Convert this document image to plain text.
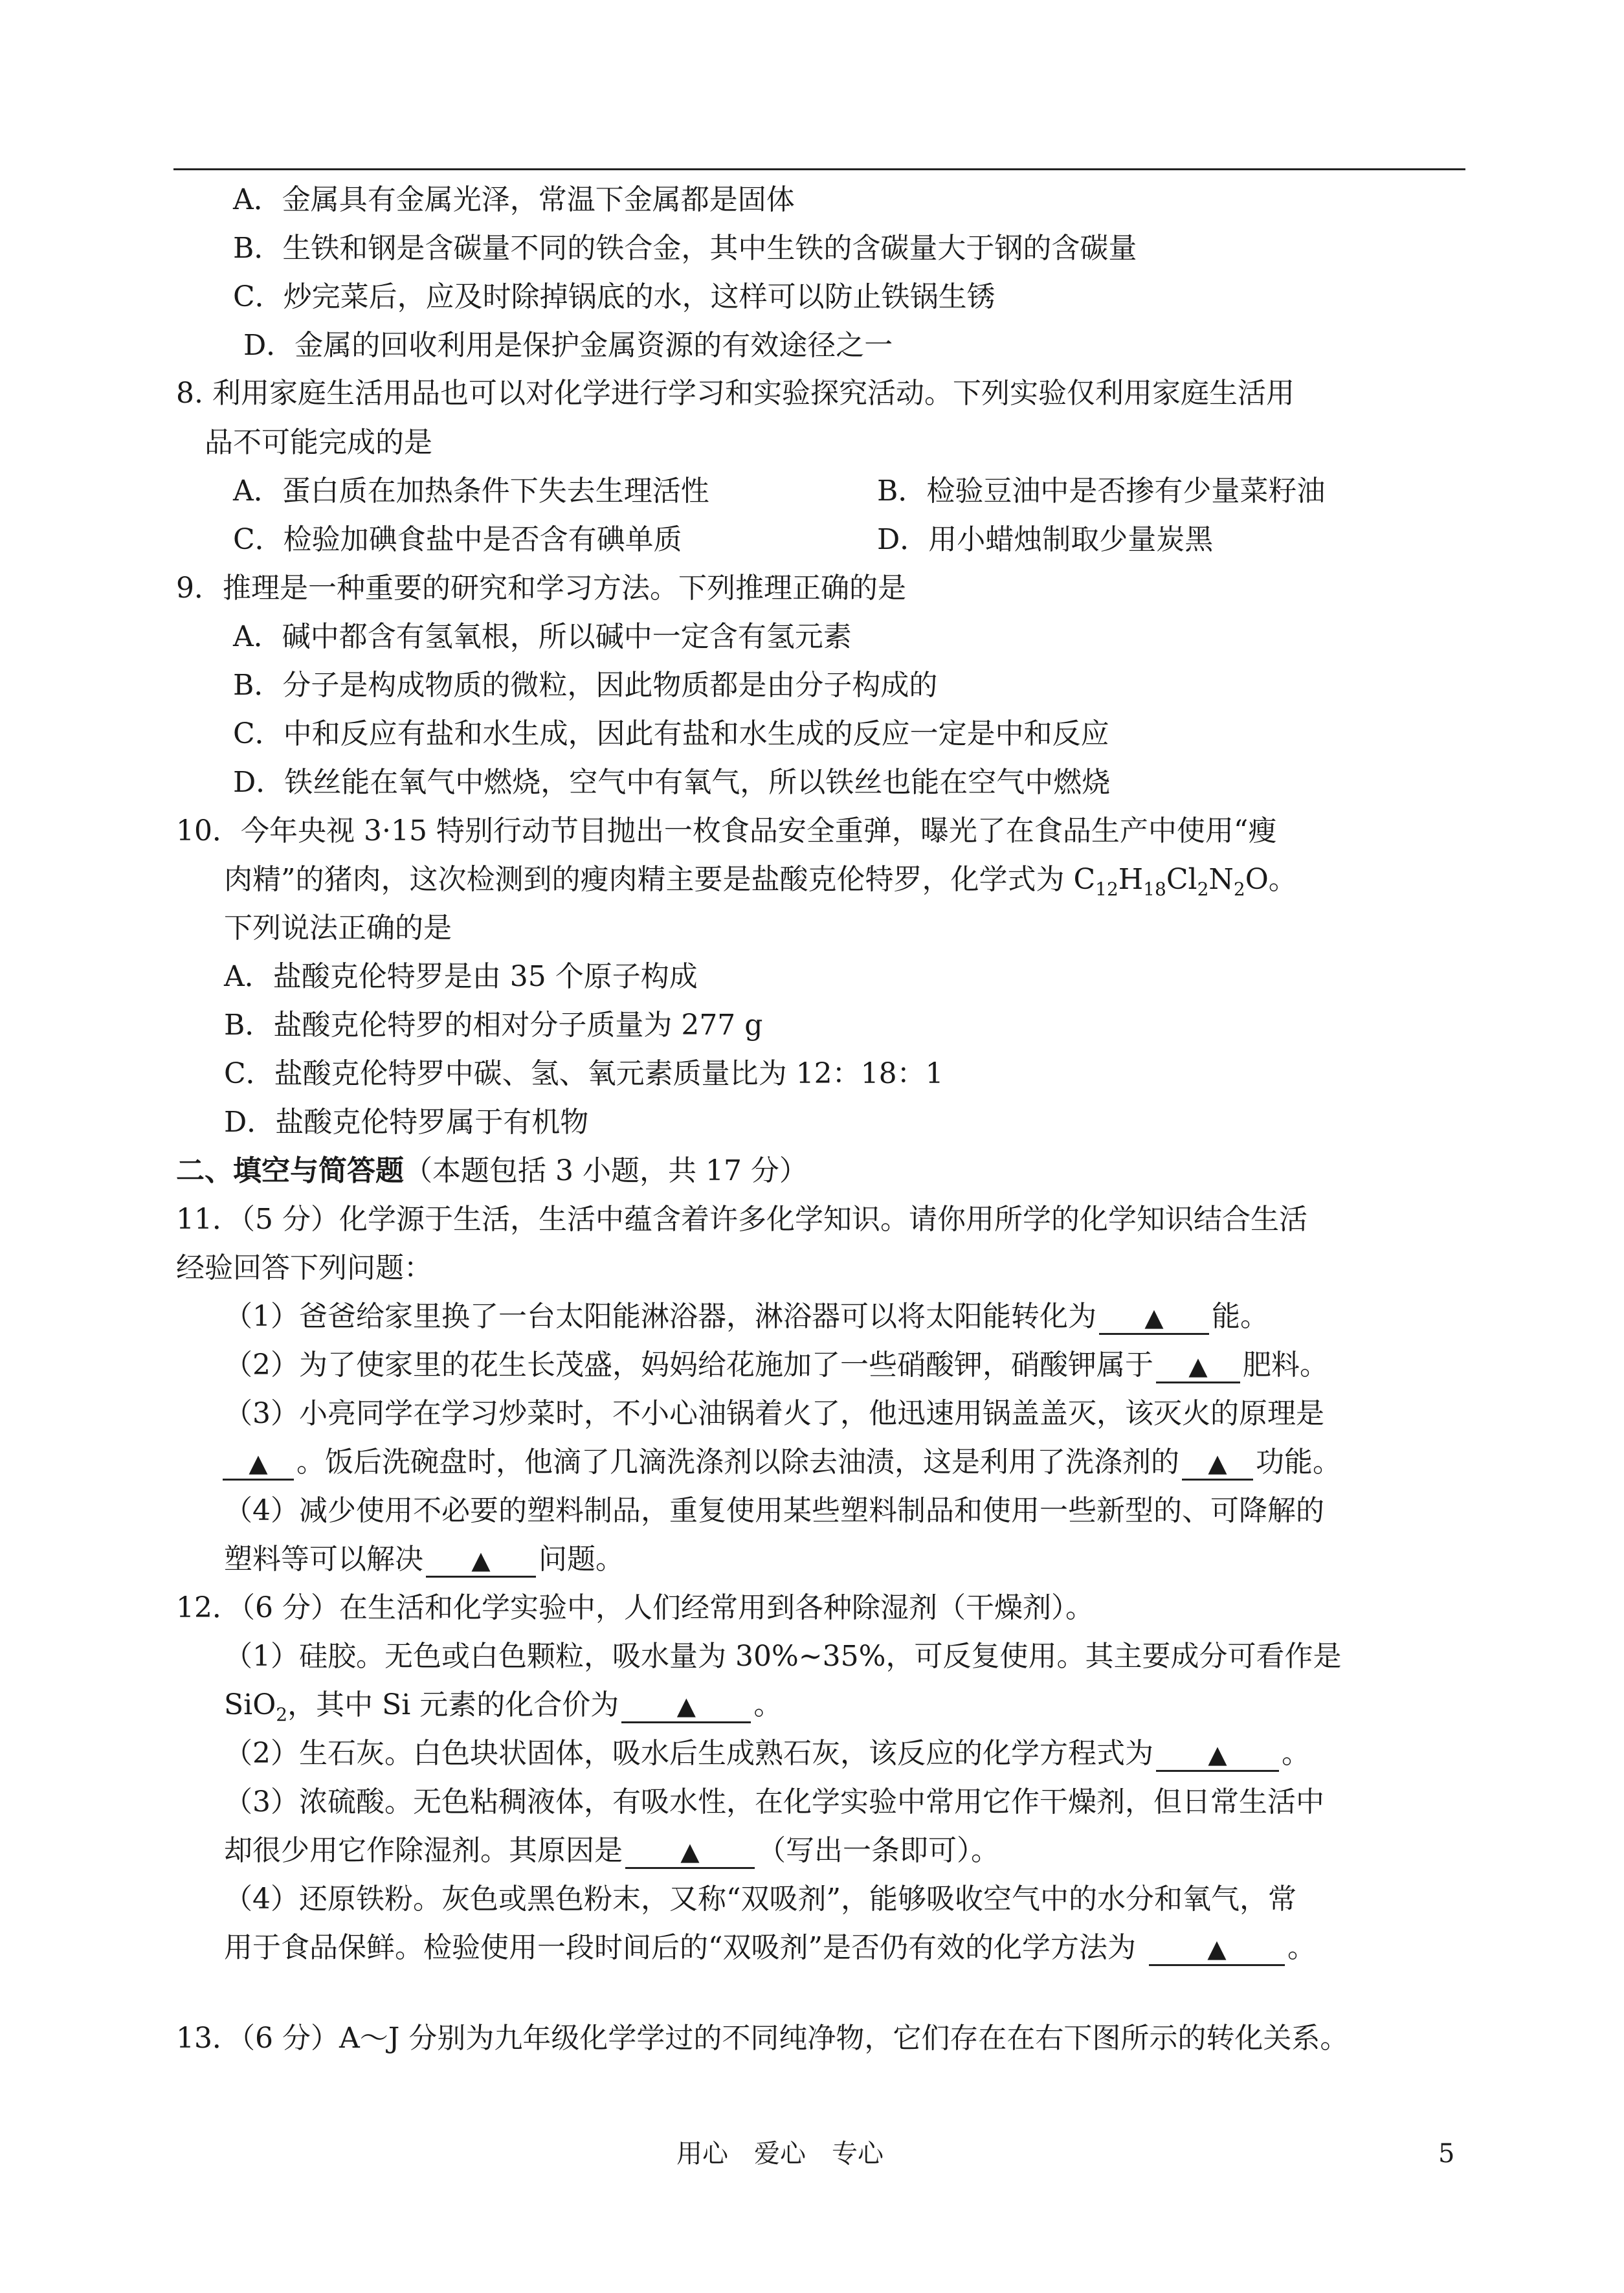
A．金属具有金属光泽，常温下金属都是固体
B．生铁和钢是含碳量不同的铁合金，其中生铁的含碳量大于钢的含碳量
C．炒完菜后，应及时除掉锅底的水，这样可以防止铁锅生锈
D．金属的回收利用是保护金属资源的有效途径之一
8. 利用家庭生活用品也可以对化学进行学习和实验探究活动。下列实验仅利用家庭生活用
品不可能完成的是
A．蛋白质在加热条件下失去生理活性	B．检验豆油中是否掺有少量菜籽油
C．检验加碘食盐中是否含有碘单质	D．用小蜡烛制取少量炭黑
9．推理是一种重要的研究和学习方法。下列推理正确的是
A．碱中都含有氢氧根，所以碱中一定含有氢元素
B．分子是构成物质的微粒，因此物质都是由分子构成的
C．中和反应有盐和水生成，因此有盐和水生成的反应一定是中和反应
D．铁丝能在氧气中燃烧，空气中有氧气，所以铁丝也能在空气中燃烧
10．今年央视 3·15 特别行动节目抛出一枚食品安全重弹，曝光了在食品生产中使用“瘦
肉精”的猪肉，这次检测到的瘦肉精主要是盐酸克伦特罗，化学式为 $C_{12}H_{18}Cl_2N_2O$。
下列说法正确的是
A．盐酸克伦特罗是由 35 个原子构成
B．盐酸克伦特罗的相对分子质量为 277 g
C．盐酸克伦特罗中碳、氢、氧元素质量比为 12：18：1
D．盐酸克伦特罗属于有机物
二、填空与简答题（本题包括 3 小题，共 17 分）
11．（5 分）化学源于生活，生活中蕴含着许多化学知识。请你用所学的化学知识结合生活
经验回答下列问题：
（1）爸爸给家里换了一台太阳能淋浴器，淋浴器可以将太阳能转化为 ▲ 能。
（2）为了使家里的花生长茂盛，妈妈给花施加了一些硝酸钾，硝酸钾属于 ▲ 肥料。
（3）小亮同学在学习炒菜时，不小心油锅着火了，他迅速用锅盖盖灭，该灭火的原理是
▲ 。饭后洗碗盘时，他滴了几滴洗涤剂以除去油渍，这是利用了洗涤剂的 ▲ 功能。
（4）减少使用不必要的塑料制品，重复使用某些塑料制品和使用一些新型的、可降解的
塑料等可以解决 ▲ 问题。
12．（6 分）在生活和化学实验中，人们经常用到各种除湿剂（干燥剂）。
（1）硅胶。无色或白色颗粒，吸水量为 30%~35%，可反复使用。其主要成分可看作是
SiO$_2$，其中 Si 元素的化合价为 ▲ 。
（2）生石灰。白色块状固体，吸水后生成熟石灰，该反应的化学方程式为 ▲ 。
（3）浓硫酸。无色粘稠液体，有吸水性，在化学实验中常用它作干燥剂，但日常生活中
却很少用它作除湿剂。其原因是 ▲ （写出一条即可）。
（4）还原铁粉。灰色或黑色粉末，又称“双吸剂”，能够吸收空气中的水分和氧气，常
用于食品保鲜。检验使用一段时间后的“双吸剂”是否仍有效的化学方法为	▲ 。
13．（6 分）A～J 分别为九年级化学学过的不同纯净物，它们存在在右下图所示的转化关系。
用心　爱心　专心	5
